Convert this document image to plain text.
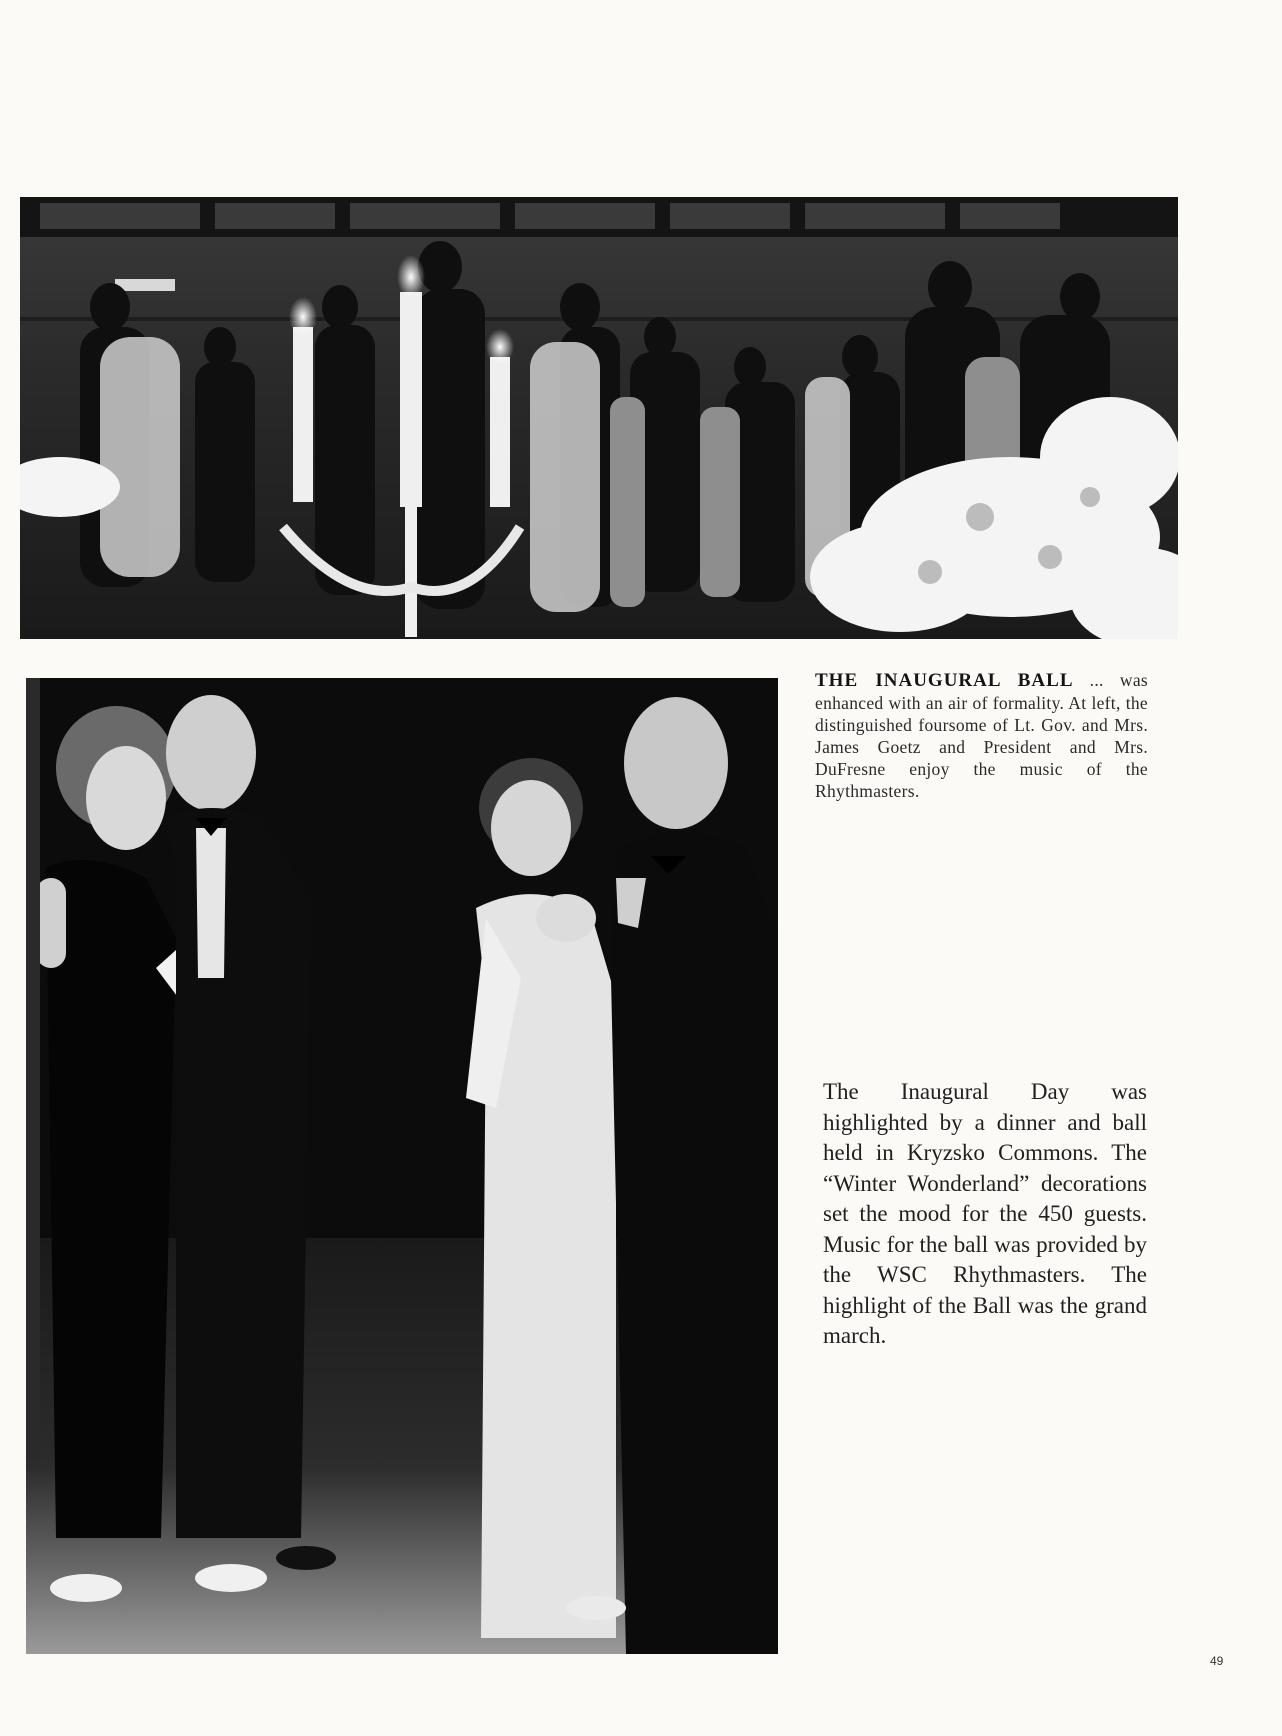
THE INAUGURAL BALL ... was enhanced with an air of formality. At left, the distinguished foursome of Lt. Gov. and Mrs. James Goetz and President and Mrs. DuFresne enjoy the music of the Rhythmasters.
The Inaugural Day was highlighted by a dinner and ball held in Kryzsko Commons. The “Winter Wonderland” decorations set the mood for the 450 guests. Music for the ball was provided by the WSC Rhythmasters. The highlight of the Ball was the grand march.
49
